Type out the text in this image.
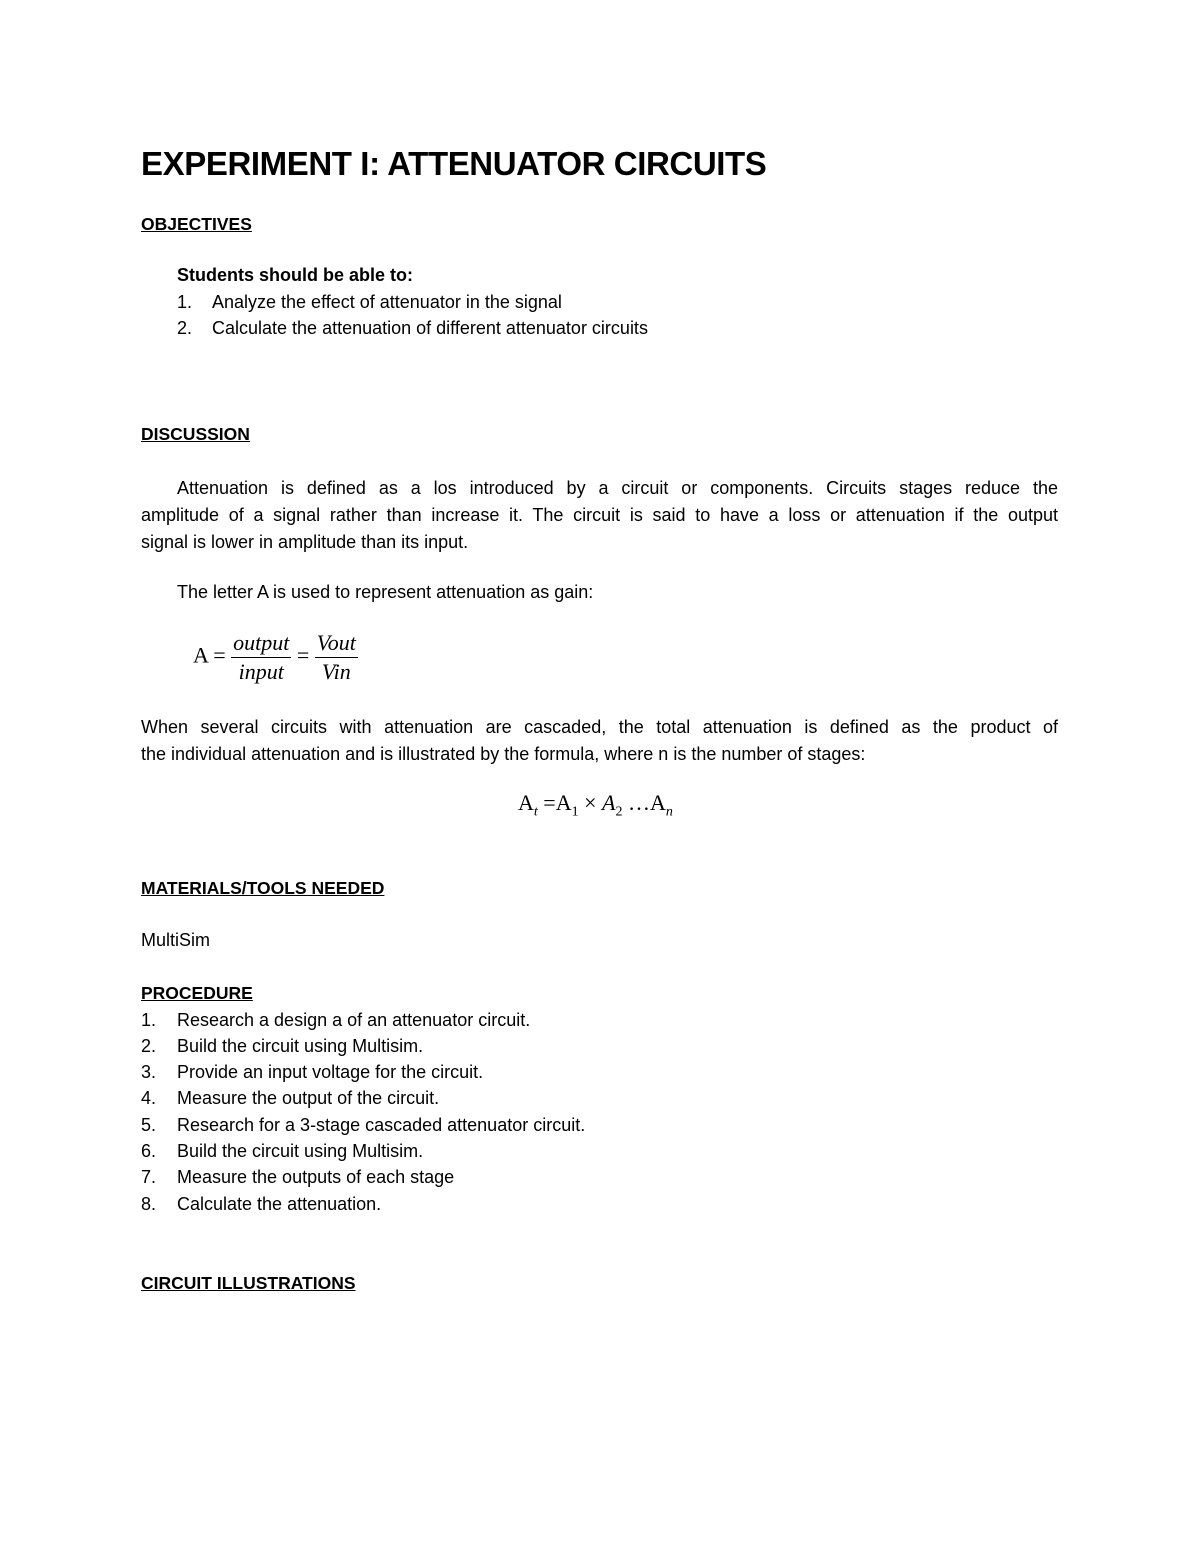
EXPERIMENT I: ATTENUATOR CIRCUITS
OBJECTIVES
Students should be able to:
1. Analyze the effect of attenuator in the signal
2. Calculate the attenuation of different attenuator circuits
DISCUSSION
Attenuation is defined as a los introduced by a circuit or components. Circuits stages reduce the
amplitude of a signal rather than increase it. The circuit is said to have a loss or attenuation if the output
signal is lower in amplitude than its input.
The letter A is used to represent attenuation as gain:
$A = \frac{\text{output}}{\text{input}} = \frac{\text{Vout}}{\text{Vin}}$
When several circuits with attenuation are cascaded, the total attenuation is defined as the product of
the individual attenuation and is illustrated by the formula, where n is the number of stages:
$A_t =A_1 \times A_2$ $\dots A_n$
MATERIALS/TOOLS NEEDED
MultiSim
PROCEDURE
1. Research a design a of an attenuator circuit.
2. Build the circuit using Multisim.
3. Provide an input voltage for the circuit.
4. Measure the output of the circuit.
5. Research for a 3-stage cascaded attenuator circuit.
6. Build the circuit using Multisim.
7. Measure the outputs of each stage
8. Calculate the attenuation.
CIRCUIT ILLUSTRATIONS
